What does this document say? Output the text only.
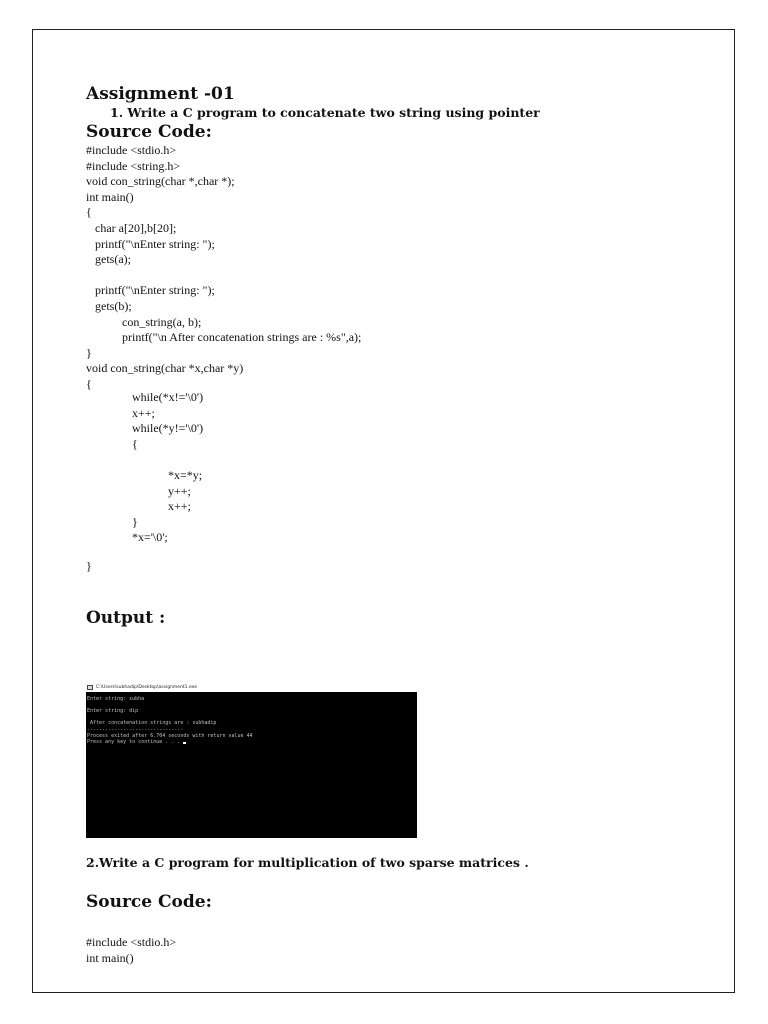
Assignment -01
1. Write a C program to concatenate two string using pointer
Source Code:
#include <stdio.h>
#include <string.h>
void con_string(char *,char *);
int main()
{
char a[20],b[20];
printf("\nEnter string: ");
gets(a);

printf("\nEnter string: ");
gets(b);
con_string(a, b);
printf("\n After concatenation strings are : %s",a);
}
void con_string(char *x,char *y)
{
while(*x!='\0')
x++;
while(*y!='\0')
{

*x=*y;
y++;
x++;
}
*x='\0';
}
Output :
C:\Users\subhadip\Desktop\assignment1.exe
Enter string: subha
Enter string: dip
After concatenation strings are : subhadip
--------------------------------
Process exited after 6.704 seconds with return value 44
Press any key to continue . . .
2.Write a C program for multiplication of two sparse matrices .
Source Code:
#include <stdio.h>
int main()
